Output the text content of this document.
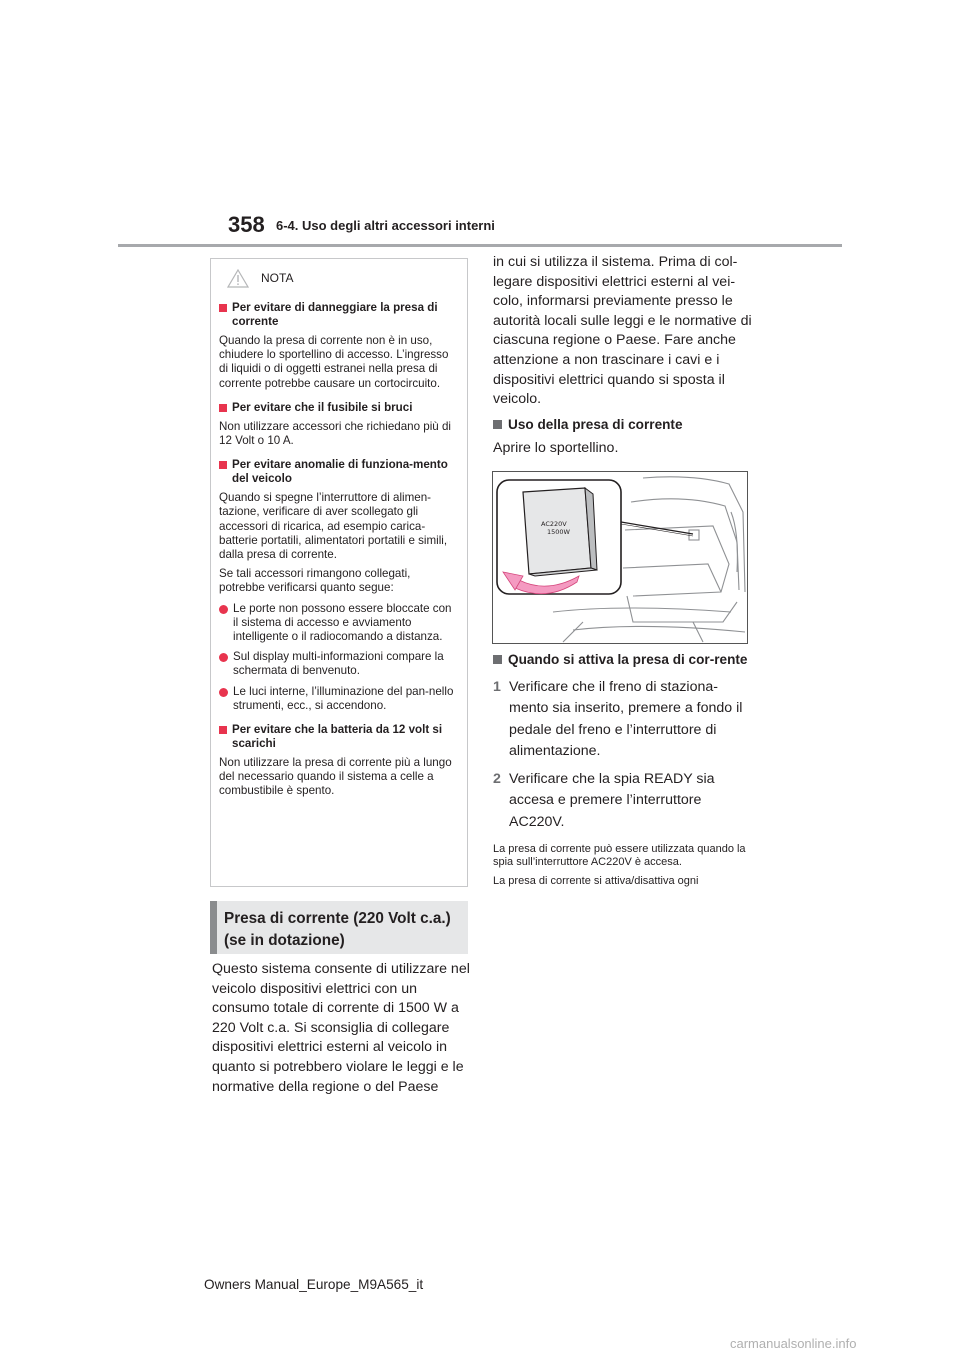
358 6-4. Uso degli altri accessori interni
NOTA
Per evitare di danneggiare la presa di corrente
Quando la presa di corrente non è in uso, chiudere lo sportellino di accesso. L’ingresso di liquidi o di oggetti estranei nella presa di corrente potrebbe causare un cortocircuito.
Per evitare che il fusibile si bruci
Non utilizzare accessori che richiedano più di 12 Volt o 10 A.
Per evitare anomalie di funziona-mento del veicolo
Quando si spegne l’interruttore di alimen-tazione, verificare di aver scollegato gli accessori di ricarica, ad esempio carica-batterie portatili, alimentatori portatili e simili, dalla presa di corrente.
Se tali accessori rimangono collegati, potrebbe verificarsi quanto segue:
Le porte non possono essere bloccate con il sistema di accesso e avviamento intelligente o il radiocomando a distanza.
Sul display multi-informazioni compare la schermata di benvenuto.
Le luci interne, l’illuminazione del pan-nello strumenti, ecc., si accendono.
Per evitare che la batteria da 12 volt si scarichi
Non utilizzare la presa di corrente più a lungo del necessario quando il sistema a celle a combustibile è spento.
Presa di corrente (220 Volt c.a.) (se in dotazione)
Questo sistema consente di utilizzare nel veicolo dispositivi elettrici con un consumo totale di corrente di 1500 W a 220 Volt c.a. Si sconsiglia di collegare dispositivi elettrici esterni al veicolo in quanto si potrebbero violare le leggi e le normative della regione o del Paese
in cui si utilizza il sistema. Prima di col-legare dispositivi elettrici esterni al vei-colo, informarsi previamente presso le autorità locali sulle leggi e le normative di ciascuna regione o Paese. Fare anche attenzione a non trascinare i cavi e i dispositivi elettrici quando si sposta il veicolo.
Uso della presa di corrente
Aprire lo sportellino.
AC220V
1500W
Quando si attiva la presa di cor-rente
1 Verificare che il freno di staziona-mento sia inserito, premere a fondo il pedale del freno e l’interruttore di alimentazione.
2 Verificare che la spia READY sia accesa e premere l’interruttore AC220V.
La presa di corrente può essere utilizzata quando la spia sull’interruttore AC220V è accesa.
La presa di corrente si attiva/disattiva ogni
Owners Manual_Europe_M9A565_it
carmanualsonline.info
